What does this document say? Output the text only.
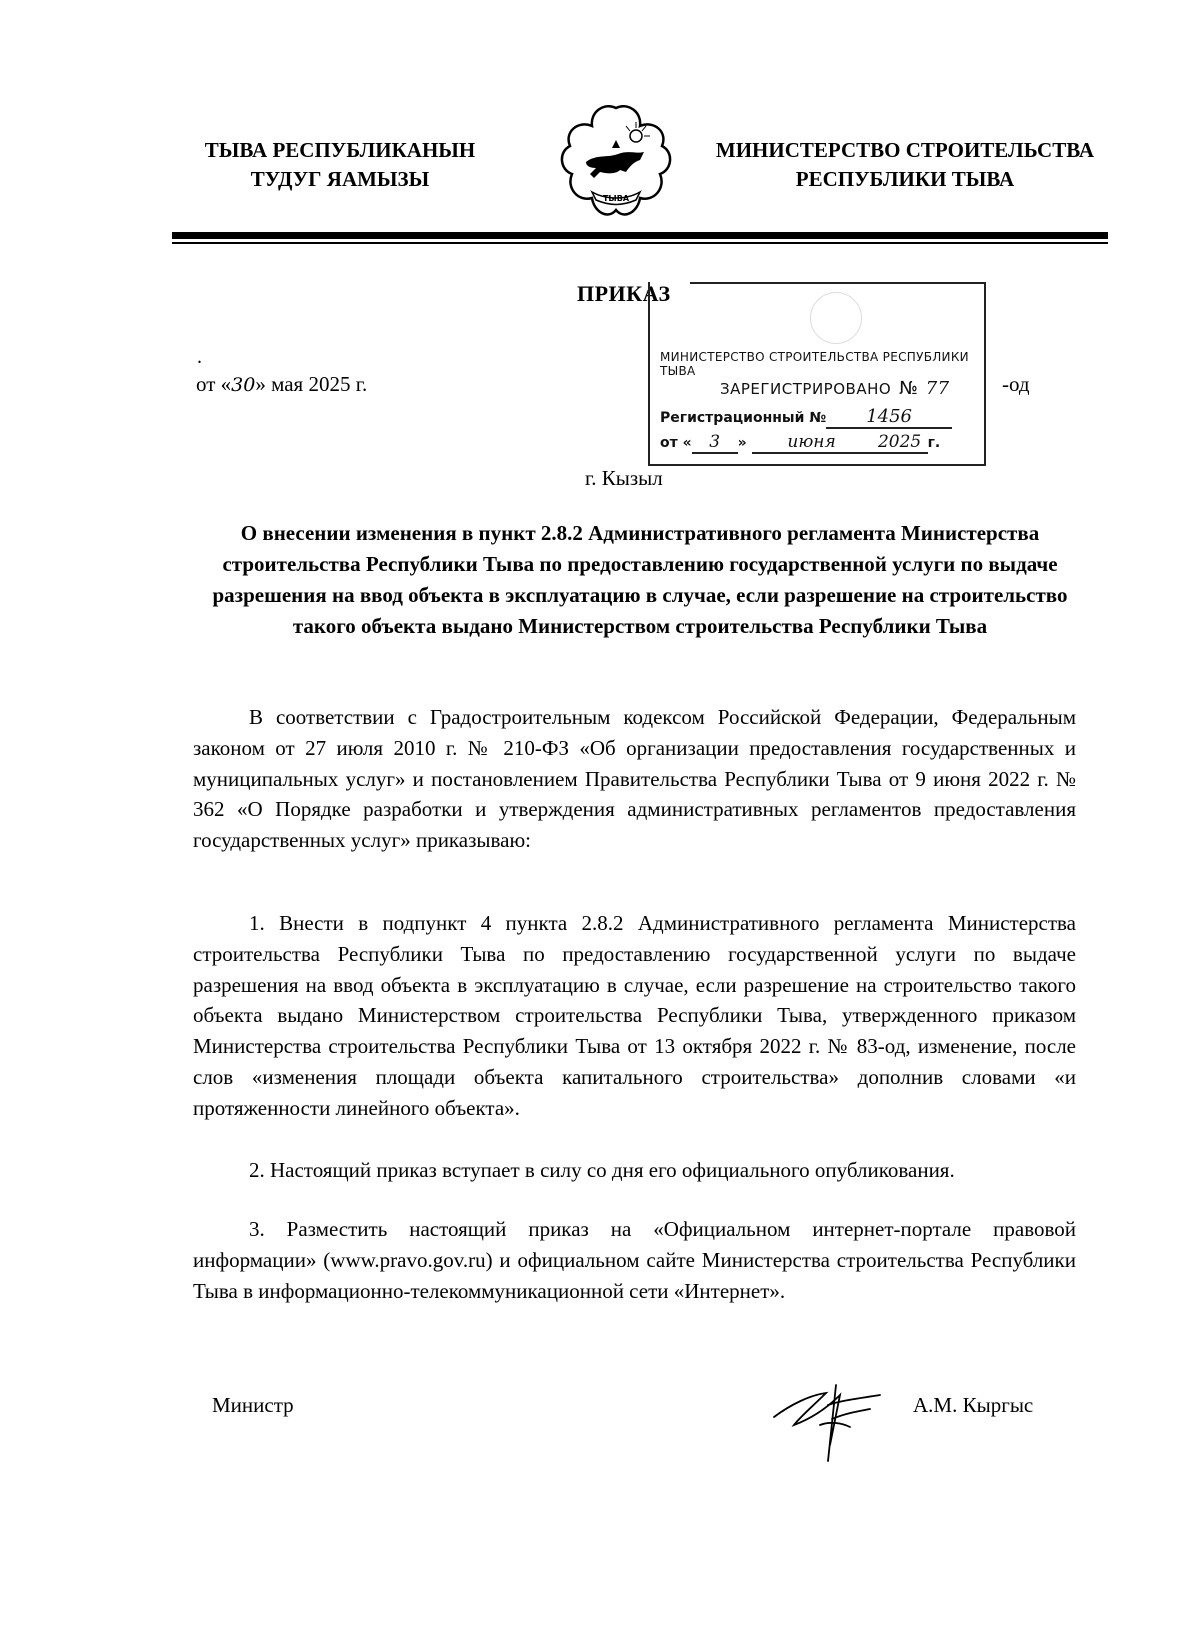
ТЫВА РЕСПУБЛИКАНЫН
ТУДУГ ЯАМЫЗЫ
ТЫВА
МИНИСТЕРСТВО СТРОИТЕЛЬСТВА
РЕСПУБЛИКИ ТЫВА
ПРИКАЗ
.
от «30» мая 2025 г.
МИНИСТЕРСТВО СТРОИТЕЛЬСТВА РЕСПУБЛИКИ ТЫВА
ЗАРЕГИСТРИРОВАНО № 77
Регистрационный № 1456
от « 3 » июня 2025 г.
-од
г. Кызыл
О внесении изменения в пункт 2.8.2 Административного регламента Министерства строительства Республики Тыва по предоставлению государственной услуги по выдаче разрешения на ввод объекта в эксплуатацию в случае, если разрешение на строительство такого объекта выдано Министерством строительства Республики Тыва
В соответствии с Градостроительным кодексом Российской Федерации, Федеральным законом от 27 июля 2010 г. № 210-ФЗ «Об организации предоставления государственных и муниципальных услуг» и постановлением Правительства Республики Тыва от 9 июня 2022 г. № 362 «О Порядке разработки и утверждения административных регламентов предоставления государственных услуг» приказываю:
1. Внести в подпункт 4 пункта 2.8.2 Административного регламента Министерства строительства Республики Тыва по предоставлению государственной услуги по выдаче разрешения на ввод объекта в эксплуатацию в случае, если разрешение на строительство такого объекта выдано Министерством строительства Республики Тыва, утвержденного приказом Министерства строительства Республики Тыва от 13 октября 2022 г. № 83-од, изменение, после слов «изменения площади объекта капитального строительства» дополнив словами «и протяженности линейного объекта».
2. Настоящий приказ вступает в силу со дня его официального опубликования.
3. Разместить настоящий приказ на «Официальном интернет-портале правовой информации» (www.pravo.gov.ru) и официальном сайте Министерства строительства Республики Тыва в информационно-телекоммуникационной сети «Интернет».
Министр	А.М. Кыргыс
